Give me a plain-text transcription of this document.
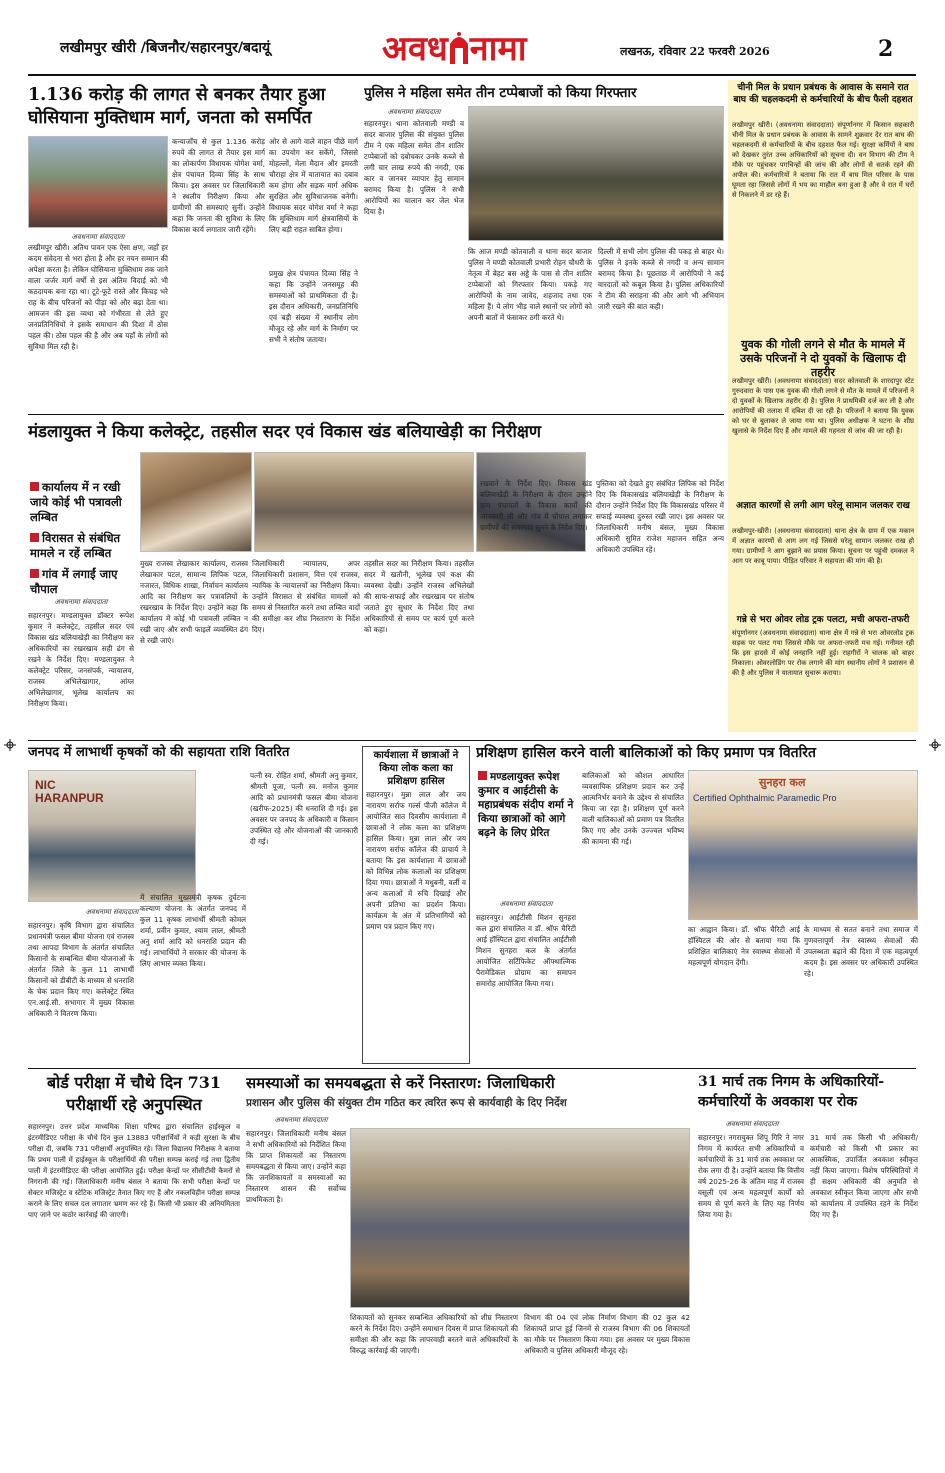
लखीमपुर खीरी /बिजनौर/सहारनपुर/बदायूं	अवध नामा	लखनऊ, रविवार 22 फरवरी 2026	2
1.136 करोड़ की लागत से बनकर तैयार हुआ घोसियाना मुक्तिधाम मार्ग, जनता को समर्पित
अवधनामा संवाददाता
लखीमपुर खीरी। अतिथ पावन एक ऐसा क्षण, जहाँ हर कदम संवेदना से भरा होता है और हर नयन सम्मान की अपेक्षा करता है। लेकिन घोसियाना मुक्तिधाम तक जाने वाला जर्जर मार्ग वर्षों से इस अंतिम विदाई को भी कठदायक बना रहा था। टूटे-फूटे रास्ते और किचड़ भरे राह के बीच परिजनों को पीड़ा को और बढ़ा देता था। आमजन की इस व्यथा को गंभीरता से लेते हुए जनप्रतिनिधियों ने इसके समाधान की दिशा में ठोस पहल की। ठोस पहल की है और अब यहाँ के लोगों को सुविधा मिल रही है।
कन्याजाँच से कुल 1.136 करोड़ रुपये की लागत से तैयार इस मार्ग का लोकार्पण विधायक योगेश वर्मा, क्षेत्र पंचायत दिव्या सिंह के साथ किया। इस अवसर पर जिलाधिकारी ने स्थलीय निरीक्षण किया और ग्रामीणों की समस्याएं सुनीं। उन्होंने कहा कि जनता की सुविधा के लिए विकास कार्य लगातार जारी रहेंगे।
ओर से आगे वाले वाहन पीछे मार्ग का उपयोग कर सकेंगे, जिससे मोहल्लों, मेला मैदान और इमरती चौराहा क्षेत्र में यातायात का दबाव कम होगा और सड़क मार्ग अधिक सुरक्षित और सुविधाजनक बनेगी। विधायक सदर योगेश वर्मा ने कहा कि मुक्तिधाम मार्ग क्षेत्रवासियों के लिए बड़ी राहत साबित होगा।
प्रमुख क्षेत्र पंचायत दिव्या सिंह ने कहा कि उन्होंने जनसमूह की समस्याओं को प्राथमिकता दी है। इस दौरान अधिकारी, जनप्रतिनिधि एवं बड़ी संख्या में स्थानीय लोग मौजूद रहे और मार्ग के निर्माण पर सभी ने संतोष जताया।
पुलिस ने महिला समेत तीन टप्पेबाजों को किया गिरफ्तार
अवधनामा संवाददाता
सहारनपुर। थाना कोतवाली मण्डी व सदर बाजार पुलिस की संयुक्त पुलिस टीम ने एक महिला समेत तीन शातिर टप्पेबाजों को दबोचकर उनके कब्जे से लगी चार लाख रुपये की नगदी, एक कार व जानवर व्यापार हेतु सामान बरामद किया है। पुलिस ने सभी आरोपियों का चालान कर जेल भेज दिया है।
कि आज मण्डी कोतवाली व थाना सदर बाजार पुलिस ने मण्डी कोतवाली प्रभारी रोहन चौधरी के नेतृत्व में बेहट बस अड्डे के पास से तीन शातिर टप्पेबाजों को गिरफ्तार किया। पकड़े गए आरोपियों के नाम जावेद, शहजाद तथा एक महिला हैं। ये लोग भीड़ वाले स्थानों पर लोगों को अपनी बातों में फंसाकर ठगी करते थे।
दिल्ली में सभी लोग पुलिस की पकड़ से बाहर थे। पुलिस ने इनके कब्जे से नगदी व अन्य सामान बरामद किया है। पूछताछ में आरोपियों ने कई वारदातों को कबूल किया है। पुलिस अधिकारियों ने टीम की सराहना की और आगे भी अभियान जारी रखने की बात कही।
चीनी मिल के प्रधान प्रबंधक के आवास के समाने रात बाघ की चहलकदमी से कर्मचारियों के बीच फैली दहशत
लखीमपुर खीरी। (अवधनामा संवाददाता) संपूर्णानगर में किसान सहकारी चीनी मिल के प्रधान प्रबंधक के आवास के सामने शुक्रवार देर रात बाघ की चहलकदमी से कर्मचारियों के बीच दहशत फैल गई। सुरक्षा कर्मियों ने बाघ को देखकर तुरंत उच्च अधिकारियों को सूचना दी। वन विभाग की टीम ने मौके पर पहुंचकर पगचिन्हों की जांच की और लोगों से सतर्क रहने की अपील की। कर्मचारियों ने बताया कि रात में बाघ मिल परिसर के पास घूमता रहा जिससे लोगों में भय का माहौल बना हुआ है और वे रात में घरों से निकलने में डर रहे हैं।
युवक की गोली लगने से मौत के मामले में उसके परिजनों ने दो युवकों के खिलाफ दी तहरीर
लखीमपुर खीरी। (अवधनामा संवाददाता) सदर कोतवाली के शारदापुर स्टेट गुरुदवारा के पास एक युवक की गोली लगने से मौत के मामले में परिजनों ने दो युवकों के खिलाफ तहरीर दी है। पुलिस ने प्राथमिकी दर्ज कर ली है और आरोपियों की तलाश में दबिश दी जा रही है। परिजनों ने बताया कि युवक को घर से बुलाकर ले जाया गया था। पुलिस अधीक्षक ने घटना के शीघ्र खुलासे के निर्देश दिए हैं और मामले की गहनता से जांच की जा रही है।
अज्ञात कारणों से लगी आग घरेलू सामान जलकर राख
लखीमपुर-खीरी। (अवधनामा संवाददाता) थाना क्षेत्र के ग्राम में एक मकान में अज्ञात कारणों से आग लग गई जिससे घरेलू सामान जलकर राख हो गया। ग्रामीणों ने आग बुझाने का प्रयास किया। सूचना पर पहुंची दमकल ने आग पर काबू पाया। पीड़ित परिवार ने सहायता की मांग की है।
गन्ने से भरा ओवर लोड ट्रक पलटा, मची अफरा-तफरी
संपूर्णानगर (अवधनामा संवाददाता) थाना क्षेत्र में गन्ने से भरा ओवरलोड ट्रक सड़क पर पलट गया जिससे मौके पर अफरा-तफरी मच गई। गनीमत रही कि इस हादसे में कोई जनहानि नहीं हुई। राहगीरों ने चालक को बाहर निकाला। ओवरलोडिंग पर रोक लगाने की मांग स्थानीय लोगों ने प्रशासन से की है और पुलिस ने यातायात सुचारू कराया।
मंडलायुक्त ने किया कलेक्ट्रेट, तहसील सदर एवं विकास खंड बलियाखेड़ी का निरीक्षण
कार्यालय में न रखी जाये कोई भी पत्रावली लम्बित
विरासत से संबंधित मामले न रहें लम्बित
गांव में लगाईं जाए चौपाल
अवधनामा संवाददाता
सहारनपुर। मण्डलायुक्त डॉक्टर रूपेश कुमार ने कलेक्ट्रेट, तहसील सदर एवं विकास खंड बलियाखेड़ी का निरीक्षण कर अधिकारियों का रखरखाव सही ढंग से रखने के निर्देश दिए। मण्डलायुक्त ने कलेक्ट्रेट परिसर, जनसंपर्क, न्यायालय, राजस्व अभिलेखागार, आंग्ल अभिलेखागार, भूलेख कार्यालय का निरीक्षण किया।
मुख्य राजस्व लेखाकार कार्यालय, राजस्व लेखाकार पटल, सामान्य लिपिक पटल, नजारत, विधिक शाखा, निर्वाचन कार्यालय आदि का निरीक्षण कर पत्रावलियों के रखरखाव के निर्देश दिए। उन्होंने कहा कि कार्यालय में कोई भी पत्रावली लम्बित न रखी जाए और सभी फाइलें व्यवस्थित ढंग से रखी जाएं।
जिलाधिकारी न्यायालय, अपर जिलाधिकारी प्रशासन, वित्त एवं राजस्व, न्यायिक के न्यायालयों का निरीक्षण किया। उन्होंने विरासत से संबंधित मामलों को समय से निस्तारित करने तथा लम्बित वादों की समीक्षा कर शीघ्र निस्तारण के निर्देश दिए।
तहसील सदर का निरीक्षण किया। तहसील सदर में खतौनी, भूलेख एवं कक्ष की व्यवस्था देखी। उन्होंने राजस्व अभिलेखों की साफ-सफाई और रखरखाव पर संतोष जताते हुए सुधार के निर्देश दिए तथा अधिकारियों से समय पर कार्य पूर्ण करने को कहा।
रखवाने के निर्देश दिए। विकास खंड बलियाखेड़ी के निरीक्षण के दौरान उन्होंने ग्राम पंचायतों के विकास कार्यों की जानकारी ली और गांव में चौपाल लगाकर ग्रामीणों की समस्याएं सुनने के निर्देश दिए।
पुस्तिका को देखते हुए संबंधित लिपिक को निर्देश दिए कि विकासखंड बलियाखेड़ी के निरीक्षण के दौरान उन्होंने निर्देश दिए कि विकासखंड परिसर में सफाई व्यवस्था दुरुस्त रखी जाए। इस अवसर पर जिलाधिकारी मनीष बंसल, मुख्य विकास अधिकारी सुमित राजेश महाजन सहित अन्य अधिकारी उपस्थित रहे।
जनपद में लाभार्थी कृषकों को की सहायता राशि वितरित
NIC HARANPUR
अवधनामा संवाददाता
सहारनपुर। कृषि विभाग द्वारा संचालित प्रधानमंत्री फसल बीमा योजना एवं राजस्व तथा आपदा विभाग के अंतर्गत संचालित किसानों के सम्बन्धित बीमा योजनाओं के अंतर्गत जिले के कुल 11 लाभार्थी किसानों को डीबीटी के माध्यम से धनराशि के चेक प्रदान किए गए। कलेक्ट्रेट स्थित एन.आई.सी. सभागार में मुख्य विकास अधिकारी ने वितरण किया।
में संचालित मुख्यमंत्री कृषक दुर्घटना कल्याण योजना के अंतर्गत जनपद में कुल 11 कृषक लाभार्थी श्रीमती कोमल शर्मा, प्रवीन कुमार, श्याम लाल, श्रीमती अनु शर्मा आदि को धनराशि प्रदान की गई। लाभार्थियों ने सरकार की योजना के लिए आभार व्यक्त किया।
पत्नी स्व. रोहित शर्मा, श्रीमती अनु कुमार, श्रीमती पूजा, पत्नी स्व. मनोज कुमार आदि को प्रधानमंत्री फसल बीमा योजना (खरीफ-2025) की धनराशि दी गई। इस अवसर पर जनपद के अधिकारी व किसान उपस्थित रहे और योजनाओं की जानकारी दी गई।
कार्यशाला में छात्राओं ने किया लोक कला का प्रशिक्षण हासिल
सहारनपुर। मुन्ना लाल और जय नारायण सर्राफ गर्ल्स पीजी कॉलेज में आयोजित सात दिवसीय कार्यशाला में छात्राओं ने लोक कला का प्रशिक्षण हासिल किया। मुन्ना लाल और जय नारायण सर्राफ कॉलेज की प्राचार्य ने बताया कि इस कार्यशाला में छात्राओं को विभिन्न लोक कलाओं का प्रशिक्षण दिया गया। छात्राओं ने मधुबनी, वर्ली व अन्य कलाओं में रुचि दिखाई और अपनी प्रतिभा का प्रदर्शन किया। कार्यक्रम के अंत में प्रतिभागियों को प्रमाण पत्र प्रदान किए गए।
प्रशिक्षण हासिल करने वाली बालिकाओं को किए प्रमाण पत्र वितरित
मण्डलायुक्त रूपेश कुमार व आईटीसी के महाप्रबंधक संदीप शर्मा ने किया छात्राओं को आगे बढ़ने के लिए प्रेरित
अवधनामा संवाददाता
सहारनपुर। आईटीसी मिशन सुनहरा कल द्वारा संचालित व डॉ. श्रॉफ चैरिटी आई हॉस्पिटल द्वारा संचालित आईटीसी मिशन सुनहरा कल के अंतर्गत आयोजित सर्टिफिकेट ऑफ्थाल्मिक पैरामेडिकल प्रोग्राम का समापन समारोह आयोजित किया गया।
बालिकाओं को कौशल आधारित व्यवसायिक प्रशिक्षण प्रदान कर उन्हें आत्मनिर्भर बनाने के उद्देश्य से संचालित किया जा रहा है। प्रशिक्षण पूर्ण करने वाली बालिकाओं को प्रमाण पत्र वितरित किए गए और उनके उज्ज्वल भविष्य की कामना की गई।
सुनहरा कल
Certified Ophthalmic Paramedic Pro
का आह्वान किया। डॉ. श्रॉफ चैरिटी आई हॉस्पिटल की ओर से बताया गया कि प्रशिक्षित बालिकाएं नेत्र स्वास्थ्य सेवाओं में महत्वपूर्ण योगदान देंगी।
के माध्यम से सतत बनाने तथा समाज में गुणवत्तापूर्ण नेत्र स्वास्थ्य सेवाओं की उपलब्धता बढ़ाने की दिशा में एक महत्वपूर्ण कदम है। इस अवसर पर अधिकारी उपस्थित रहे।
बोर्ड परीक्षा में चौथे दिन 731 परीक्षार्थी रहे अनुपस्थित
सहारनपुर। उत्तर प्रदेश माध्यमिक शिक्षा परिषद द्वारा संचालित हाईस्कूल व इंटरमीडिएट परीक्षा के चौथे दिन कुल 13883 परीक्षार्थियों ने कड़ी सुरक्षा के बीच परीक्षा दी, जबकि 731 परीक्षार्थी अनुपस्थित रहे। जिला विद्यालय निरीक्षक ने बताया कि प्रथम पाली में हाईस्कूल के परीक्षार्थियों की परीक्षा सम्पन्न कराई गई तथा द्वितीय पाली में इंटरमीडिएट की परीक्षा आयोजित हुई। परीक्षा केन्द्रों पर सीसीटीवी कैमरों से निगरानी की गई। जिलाधिकारी मनीष बंसल ने बताया कि सभी परीक्षा केन्द्रों पर सेक्टर मजिस्ट्रेट व स्टेटिक मजिस्ट्रेट तैनात किए गए हैं और नकलविहीन परीक्षा सम्पन्न कराने के लिए सचल दल लगातार भ्रमण कर रहे हैं। किसी भी प्रकार की अनियमितता पाए जाने पर कठोर कार्रवाई की जाएगी।
समस्याओं का समयबद्धता से करें निस्तारण: जिलाधिकारी
प्रशासन और पुलिस की संयुक्त टीम गठित कर त्वरित रूप से कार्यवाही के दिए निर्देश
अवधनामा संवाददाता
सहारनपुर। जिलाधिकारी मनीष बंसल ने सभी अधिकारियों को निर्देशित किया कि प्राप्त शिकायतों का निस्तारण समयबद्धता से किया जाए। उन्होंने कहा कि जनशिकायतों व समस्याओं का निस्तारण शासन की सर्वोच्च प्राथमिकता है।
शिकायतों को सुनकर सम्बन्धित अधिकारियों को शीघ्र निस्तारण करने के निर्देश दिए। उन्होंने समाधान दिवस में प्राप्त शिकायतों की समीक्षा की और कहा कि लापरवाही बरतने वाले अधिकारियों के विरुद्ध कार्रवाई की जाएगी।
विभाग की 04 एवं लोक निर्माण विभाग की 02 कुल 42 शिकायतें प्राप्त हुई जिनमें से राजस्व विभाग की 06 शिकायतों का मौके पर निस्तारण किया गया। इस अवसर पर मुख्य विकास अधिकारी व पुलिस अधिकारी मौजूद रहे।
31 मार्च तक निगम के अधिकारियों-कर्मचारियों के अवकाश पर रोक
अवधनामा संवाददाता
सहारनपुर। नगरायुक्त शिपू गिरि ने नगर निगम में कार्यरत सभी अधिकारियों व कर्मचारियों के 31 मार्च तक अवकाश पर रोक लगा दी है। उन्होंने बताया कि वित्तीय वर्ष 2025-26 के अंतिम माह में राजस्व वसूली एवं अन्य महत्वपूर्ण कार्यों को समय से पूर्ण करने के लिए यह निर्णय लिया गया है।
31 मार्च तक किसी भी अधिकारी/कर्मचारी को किसी भी प्रकार का आकस्मिक, उपार्जित अवकाश स्वीकृत नहीं किया जाएगा। विशेष परिस्थितियों में ही सक्षम अधिकारी की अनुमति से अवकाश स्वीकृत किया जाएगा और सभी को कार्यालय में उपस्थित रहने के निर्देश दिए गए हैं।
